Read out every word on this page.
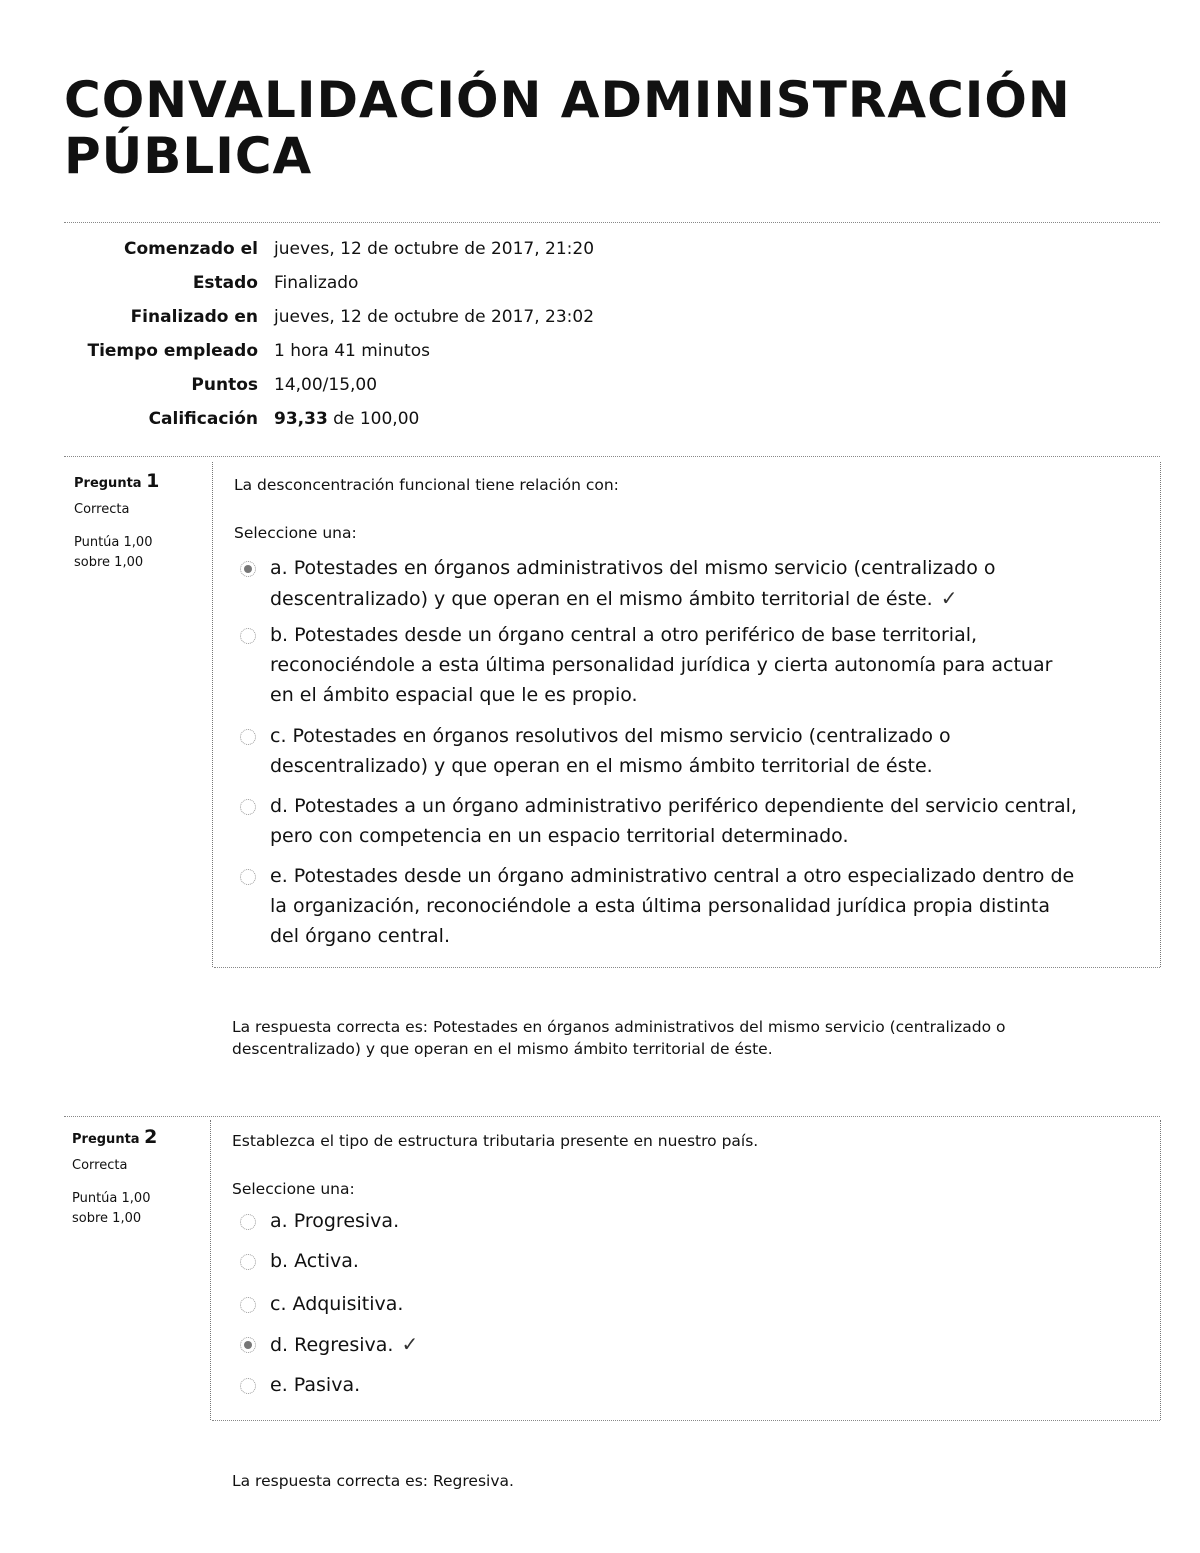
CONVALIDACIÓN ADMINISTRACIÓN PÚBLICA
Comenzado el	jueves, 12 de octubre de 2017, 21:20
Estado	Finalizado
Finalizado en	jueves, 12 de octubre de 2017, 23:02
Tiempo empleado	1 hora 41 minutos
Puntos	14,00/15,00
Calificación	93,33 de 100,00
Pregunta 1
Correcta
Puntúa 1,00
sobre 1,00
La desconcentración funcional tiene relación con:
Seleccione una:
a. Potestades en órganos administrativos del mismo servicio (centralizado o descentralizado) y que operan en el mismo ámbito territorial de éste. ✓
b. Potestades desde un órgano central a otro periférico de base territorial, reconociéndole a esta última personalidad jurídica y cierta autonomía para actuar en el ámbito espacial que le es propio.
c. Potestades en órganos resolutivos del mismo servicio (centralizado o descentralizado) y que operan en el mismo ámbito territorial de éste.
d. Potestades a un órgano administrativo periférico dependiente del servicio central, pero con competencia en un espacio territorial determinado.
e. Potestades desde un órgano administrativo central a otro especializado dentro de la organización, reconociéndole a esta última personalidad jurídica propia distinta del órgano central.
La respuesta correcta es: Potestades en órganos administrativos del mismo servicio (centralizado o descentralizado) y que operan en el mismo ámbito territorial de éste.
Pregunta 2
Correcta
Puntúa 1,00
sobre 1,00
Establezca el tipo de estructura tributaria presente en nuestro país.
Seleccione una:
a. Progresiva.
b. Activa.
c. Adquisitiva.
d. Regresiva. ✓
e. Pasiva.
La respuesta correcta es: Regresiva.
